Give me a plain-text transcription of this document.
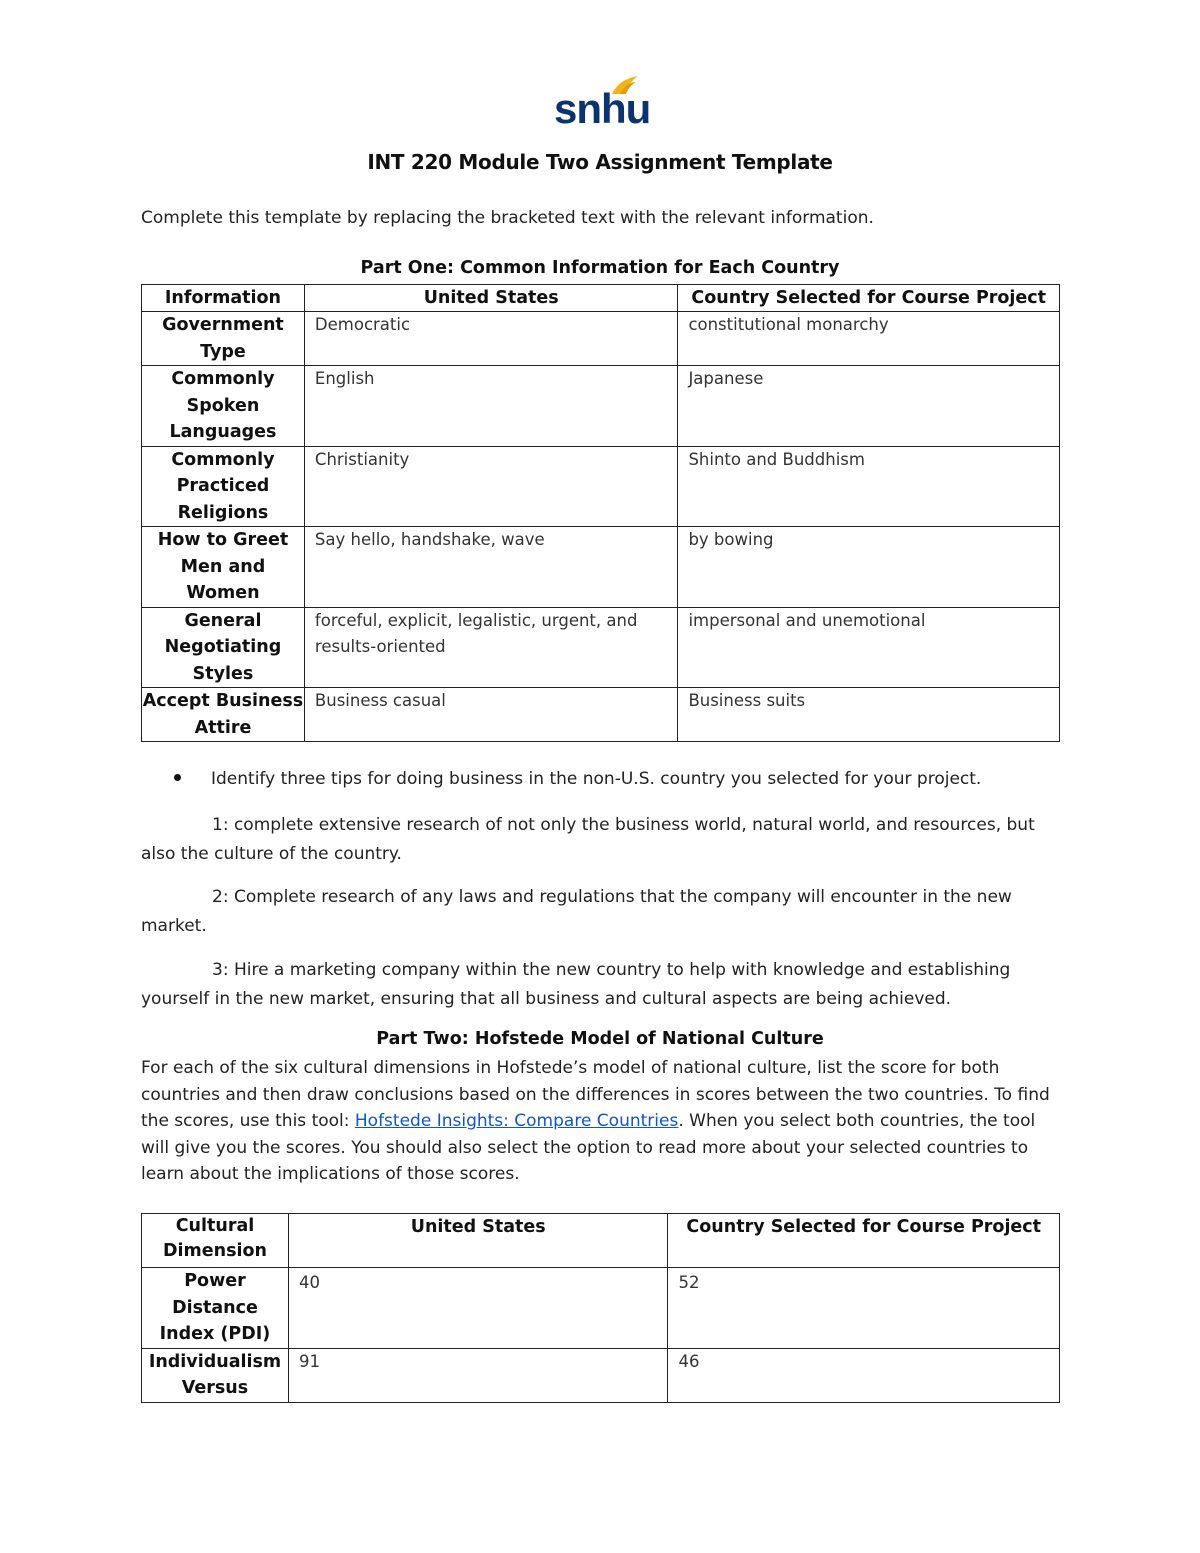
snhu
INT 220 Module Two Assignment Template
Complete this template by replacing the bracketed text with the relevant information.
Part One: Common Information for Each Country
Information	United States	Country Selected for Course Project
Government Type	Democratic	constitutional monarchy
Commonly Spoken Languages	English	Japanese
Commonly Practiced Religions	Christianity	Shinto and Buddhism
How to Greet Men and Women	Say hello, handshake, wave	by bowing
General Negotiating Styles	forceful, explicit, legalistic, urgent, and results-oriented	impersonal and unemotional
Accept Business Attire	Business casual	Business suits
Identify three tips for doing business in the non-U.S. country you selected for your project.
1: complete extensive research of not only the business world, natural world, and resources, but also the culture of the country.
2: Complete research of any laws and regulations that the company will encounter in the new market.
3: Hire a marketing company within the new country to help with knowledge and establishing yourself in the new market, ensuring that all business and cultural aspects are being achieved.
Part Two: Hofstede Model of National Culture
For each of the six cultural dimensions in Hofstede’s model of national culture, list the score for both countries and then draw conclusions based on the differences in scores between the two countries. To find the scores, use this tool: Hofstede Insights: Compare Countries. When you select both countries, the tool will give you the scores. You should also select the option to read more about your selected countries to learn about the implications of those scores.
Cultural Dimension	United States	Country Selected for Course Project
Power Distance Index (PDI)	40	52
Individualism Versus	91	46
